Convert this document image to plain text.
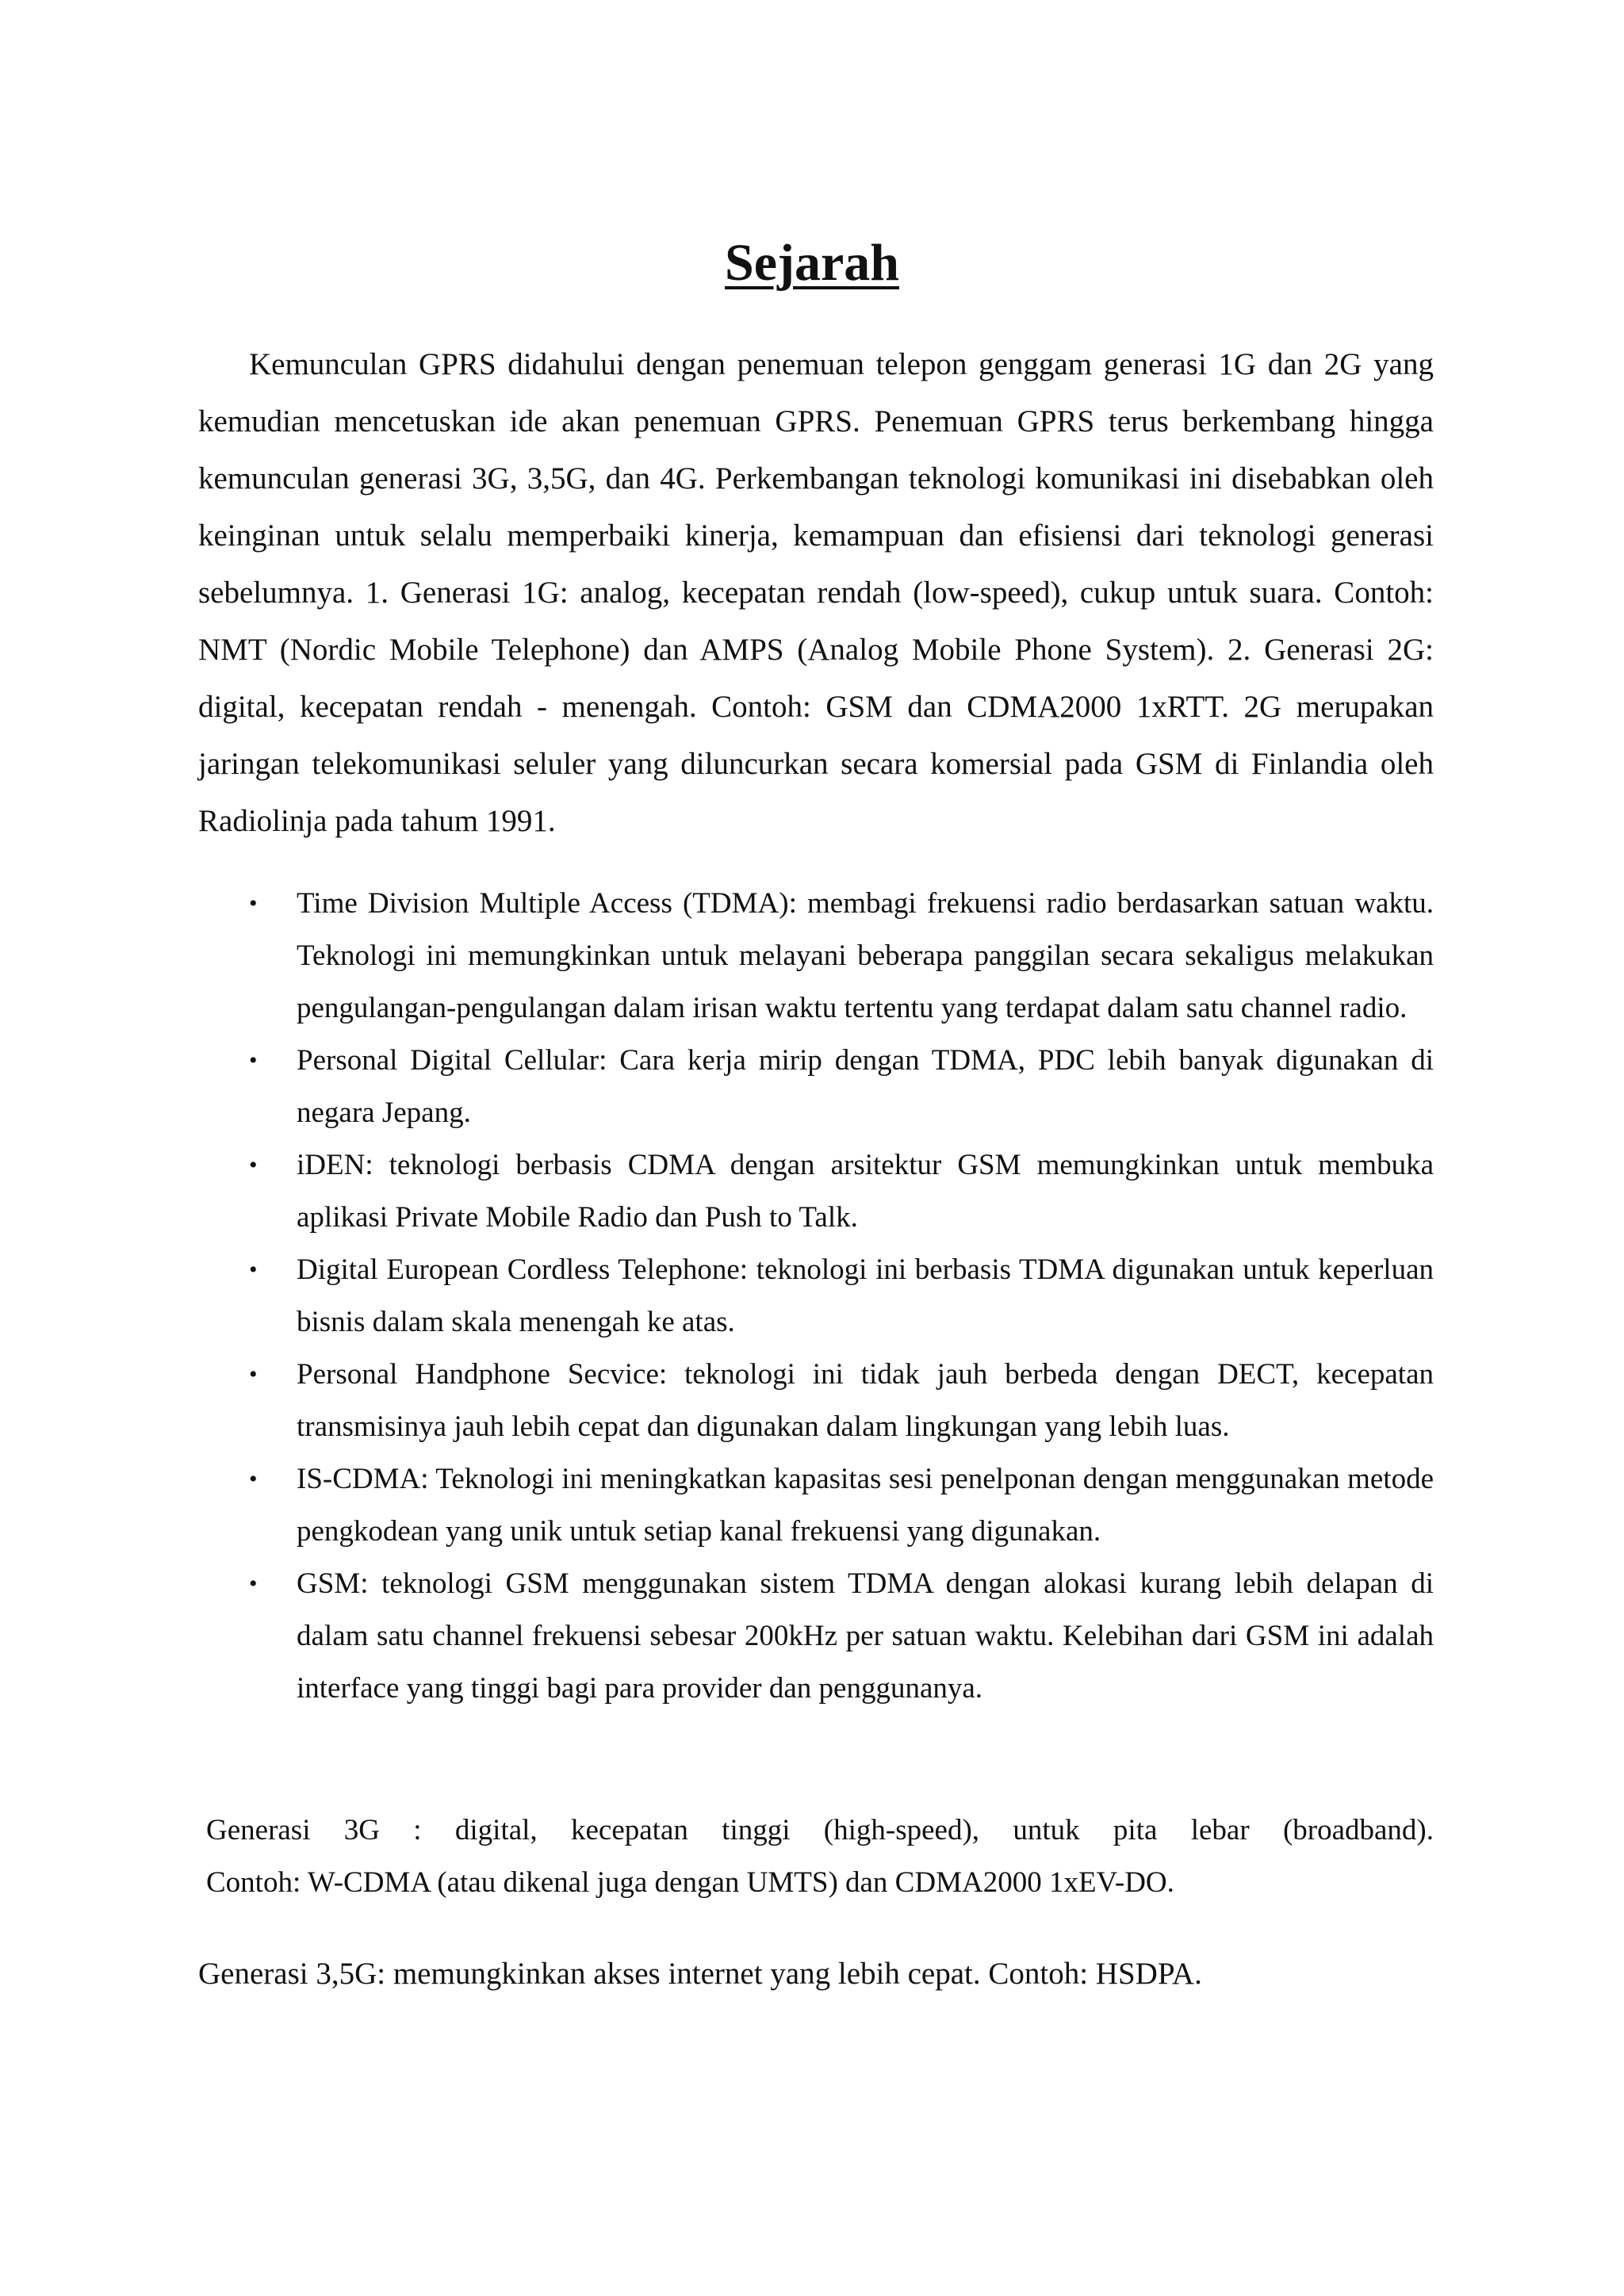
Sejarah

Kemunculan GPRS didahului dengan penemuan telepon genggam generasi 1G dan 2G yang kemudian mencetuskan ide akan penemuan GPRS. Penemuan GPRS terus berkembang hingga kemunculan generasi 3G, 3,5G, dan 4G. Perkembangan teknologi komunikasi ini disebabkan oleh keinginan untuk selalu memperbaiki kinerja, kemampuan dan efisiensi dari teknologi generasi sebelumnya. 1. Generasi 1G: analog, kecepatan rendah (low-speed), cukup untuk suara. Contoh: NMT (Nordic Mobile Telephone) dan AMPS (Analog Mobile Phone System). 2. Generasi 2G: digital, kecepatan rendah - menengah. Contoh: GSM dan CDMA2000 1xRTT. 2G merupakan jaringan telekomunikasi seluler yang diluncurkan secara komersial pada GSM di Finlandia oleh Radiolinja pada tahum 1991.

• Time Division Multiple Access (TDMA): membagi frekuensi radio berdasarkan satuan waktu. Teknologi ini memungkinkan untuk melayani beberapa panggilan secara sekaligus melakukan pengulangan-pengulangan dalam irisan waktu tertentu yang terdapat dalam satu channel radio.
• Personal Digital Cellular: Cara kerja mirip dengan TDMA, PDC lebih banyak digunakan di negara Jepang.
• iDEN: teknologi berbasis CDMA dengan arsitektur GSM memungkinkan untuk membuka aplikasi Private Mobile Radio dan Push to Talk.
• Digital European Cordless Telephone: teknologi ini berbasis TDMA digunakan untuk keperluan bisnis dalam skala menengah ke atas.
• Personal Handphone Secvice: teknologi ini tidak jauh berbeda dengan DECT, kecepatan transmisinya jauh lebih cepat dan digunakan dalam lingkungan yang lebih luas.
• IS-CDMA: Teknologi ini meningkatkan kapasitas sesi penelponan dengan menggunakan metode pengkodean yang unik untuk setiap kanal frekuensi yang digunakan.
• GSM: teknologi GSM menggunakan sistem TDMA dengan alokasi kurang lebih delapan di dalam satu channel frekuensi sebesar 200kHz per satuan waktu. Kelebihan dari GSM ini adalah interface yang tinggi bagi para provider dan penggunanya.

Generasi 3G : digital, kecepatan tinggi (high-speed), untuk pita lebar (broadband).
Contoh: W-CDMA (atau dikenal juga dengan UMTS) dan CDMA2000 1xEV-DO.

Generasi 3,5G: memungkinkan akses internet yang lebih cepat. Contoh: HSDPA.
